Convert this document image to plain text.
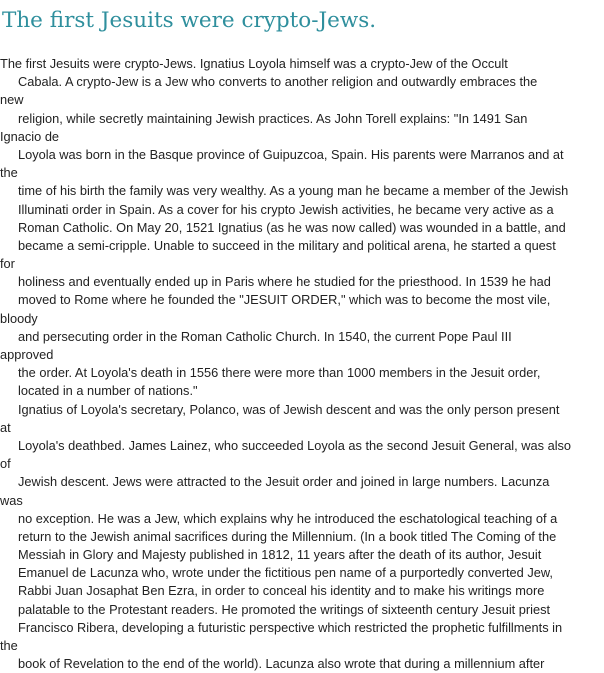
The first Jesuits were crypto-Jews.
The first Jesuits were crypto-Jews. Ignatius Loyola himself was a crypto-Jew of the Occult
Cabala. A crypto-Jew is a Jew who converts to another religion and outwardly embraces the
new
religion, while secretly maintaining Jewish practices. As John Torell explains: "In 1491 San
Ignacio de
Loyola was born in the Basque province of Guipuzcoa, Spain. His parents were Marranos and at
the
time of his birth the family was very wealthy. As a young man he became a member of the Jewish
Illuminati order in Spain. As a cover for his crypto Jewish activities, he became very active as a
Roman Catholic. On May 20, 1521 Ignatius (as he was now called) was wounded in a battle, and
became a semi-cripple. Unable to succeed in the military and political arena, he started a quest
for
holiness and eventually ended up in Paris where he studied for the priesthood. In 1539 he had
moved to Rome where he founded the "JESUIT ORDER," which was to become the most vile,
bloody
and persecuting order in the Roman Catholic Church. In 1540, the current Pope Paul III
approved
the order. At Loyola's death in 1556 there were more than 1000 members in the Jesuit order,
located in a number of nations."
Ignatius of Loyola's secretary, Polanco, was of Jewish descent and was the only person present
at
Loyola's deathbed. James Lainez, who succeeded Loyola as the second Jesuit General, was also
of
Jewish descent. Jews were attracted to the Jesuit order and joined in large numbers. Lacunza
was
no exception. He was a Jew, which explains why he introduced the eschatological teaching of a
return to the Jewish animal sacrifices during the Millennium. (In a book titled The Coming of the
Messiah in Glory and Majesty published in 1812, 11 years after the death of its author, Jesuit
Emanuel de Lacunza who, wrote under the fictitious pen name of a purportedly converted Jew,
Rabbi Juan Josaphat Ben Ezra, in order to conceal his identity and to make his writings more
palatable to the Protestant readers. He promoted the writings of sixteenth century Jesuit priest
Francisco Ribera, developing a futuristic perspective which restricted the prophetic fulfillments in
the
book of Revelation to the end of the world). Lacunza also wrote that during a millennium after
